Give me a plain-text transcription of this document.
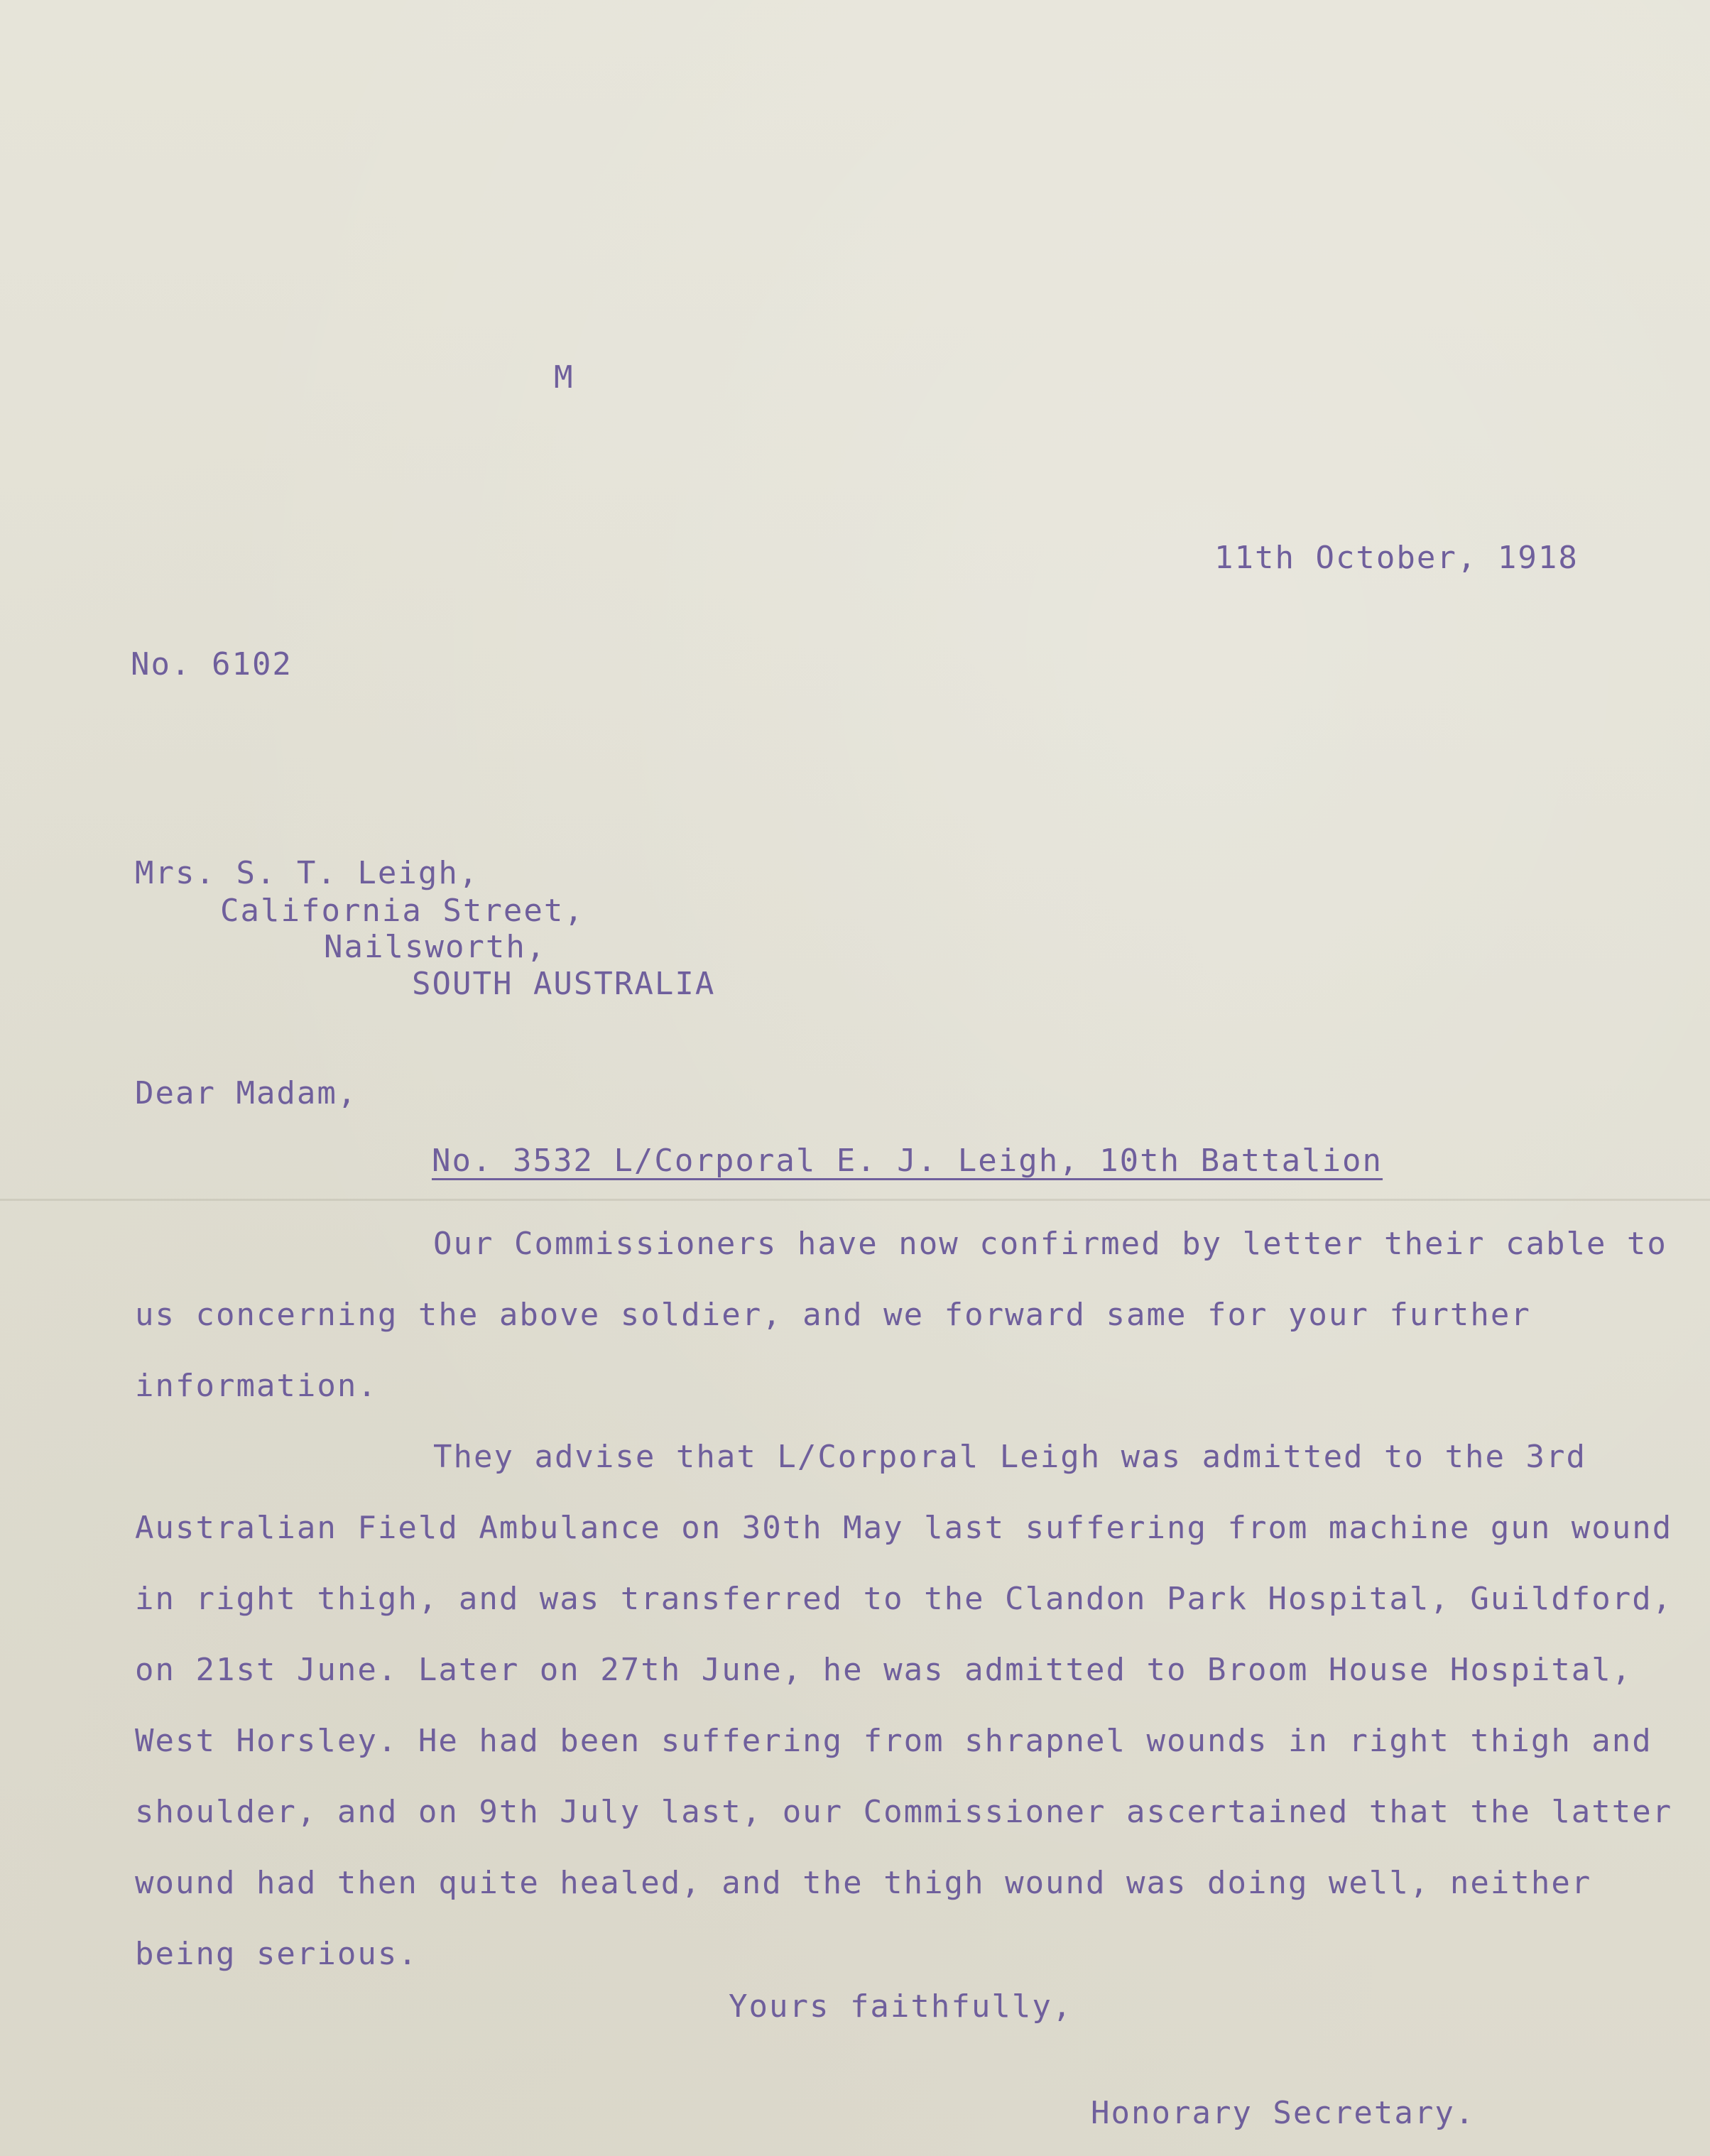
M
11th October, 1918
No. 6102
Mrs. S. T. Leigh,
California Street,
Nailsworth,
SOUTH AUSTRALIA
Dear Madam,
No. 3532 L/Corporal E. J. Leigh, 10th Battalion

Our Commissioners have now confirmed by letter their cable to us concerning the above soldier, and we forward same for your further information.

They advise that L/Corporal Leigh was admitted to the 3rd Australian Field Ambulance on 30th May last suffering from machine gun wound in right thigh, and was transferred to the Clandon Park Hospital, Guildford, on 21st June. Later on 27th June, he was admitted to Broom House Hospital, West Horsley. He had been suffering from shrapnel wounds in right thigh and shoulder, and on 9th July last, our Commissioner ascertained that the latter wound had then quite healed, and the thigh wound was doing well, neither being serious.

Yours faithfully,
Honorary Secretary.
